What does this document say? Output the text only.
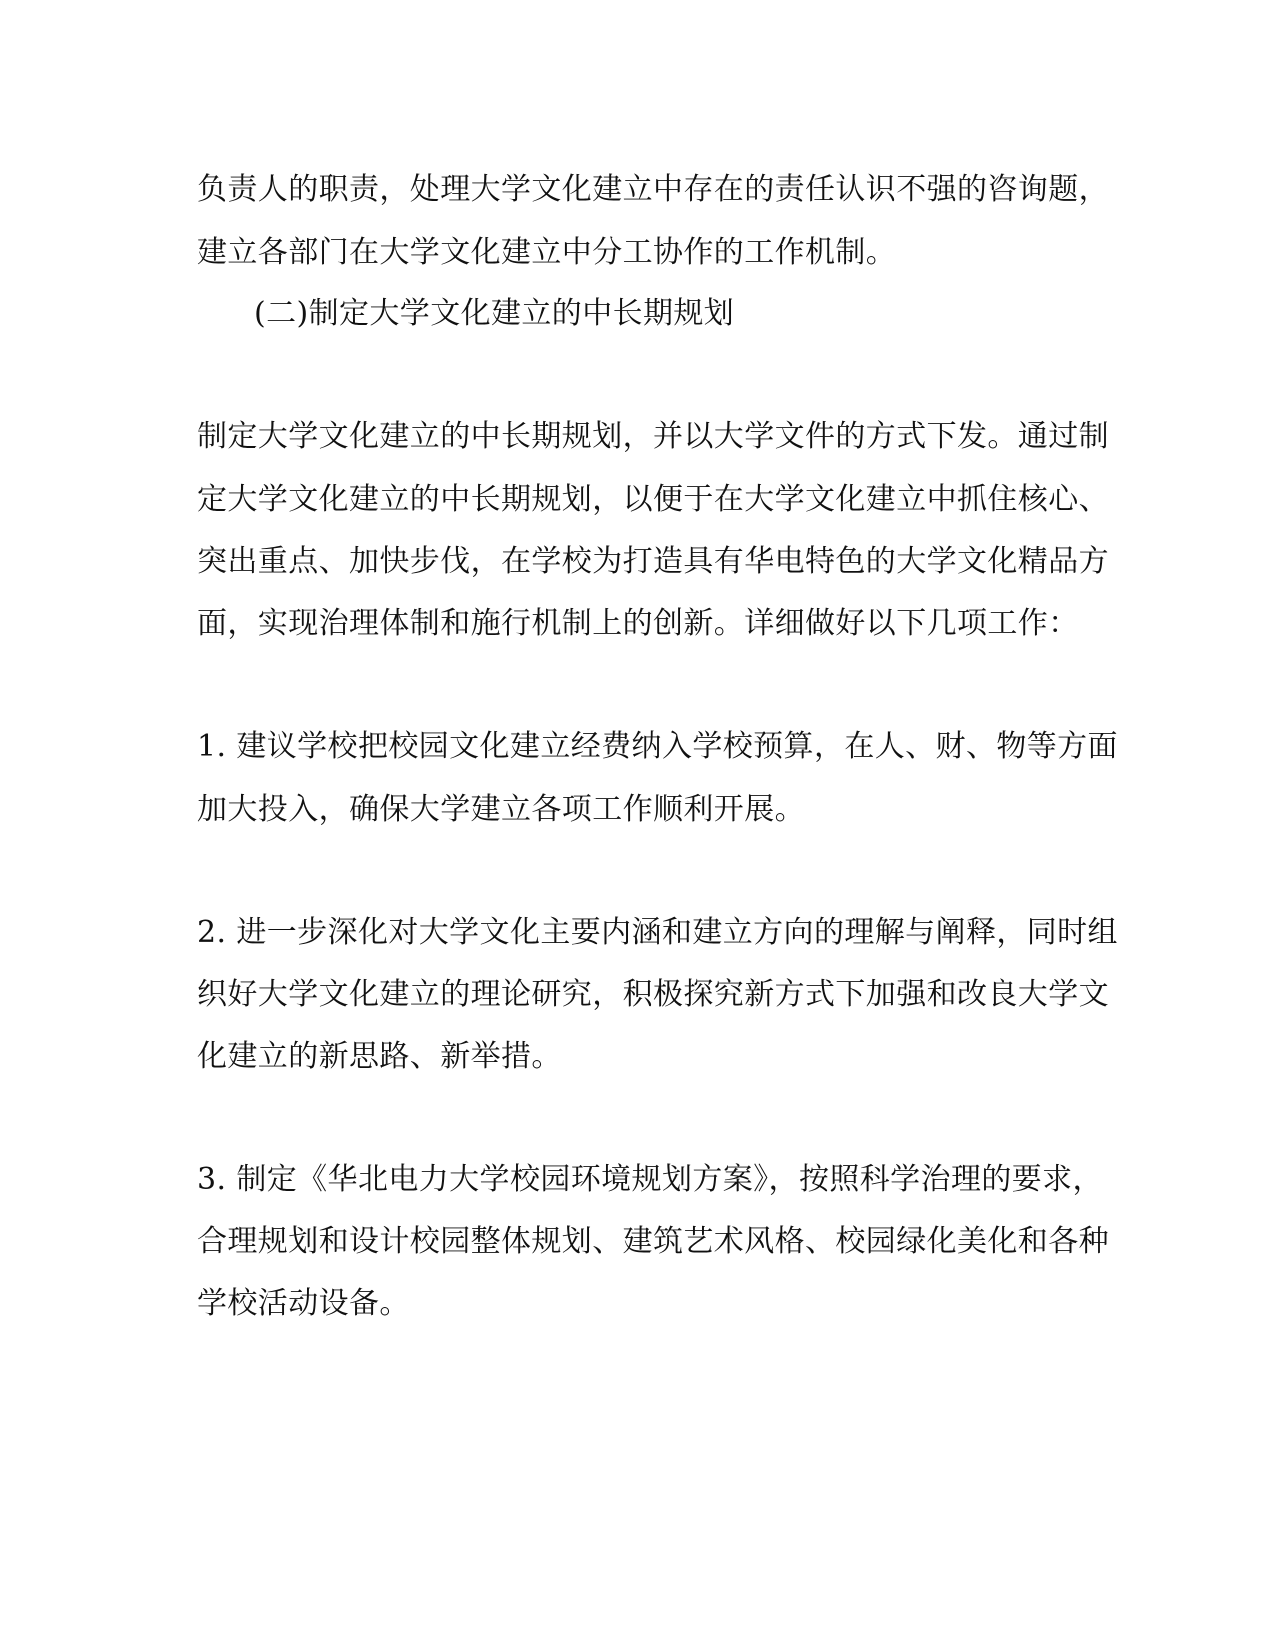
负责人的职责，处理大学文化建立中存在的责任认识不强的咨询题，
建立各部门在大学文化建立中分工协作的工作机制。
(二)制定大学文化建立的中长期规划
制定大学文化建立的中长期规划，并以大学文件的方式下发。通过制
定大学文化建立的中长期规划，以便于在大学文化建立中抓住核心、
突出重点、加快步伐，在学校为打造具有华电特色的大学文化精品方
面，实现治理体制和施行机制上的创新。详细做好以下几项工作：
1. 建议学校把校园文化建立经费纳入学校预算，在人、财、物等方面
加大投入，确保大学建立各项工作顺利开展。
2. 进一步深化对大学文化主要内涵和建立方向的理解与阐释，同时组
织好大学文化建立的理论研究，积极探究新方式下加强和改良大学文
化建立的新思路、新举措。
3. 制定《华北电力大学校园环境规划方案》，按照科学治理的要求，
合理规划和设计校园整体规划、建筑艺术风格、校园绿化美化和各种
学校活动设备。
